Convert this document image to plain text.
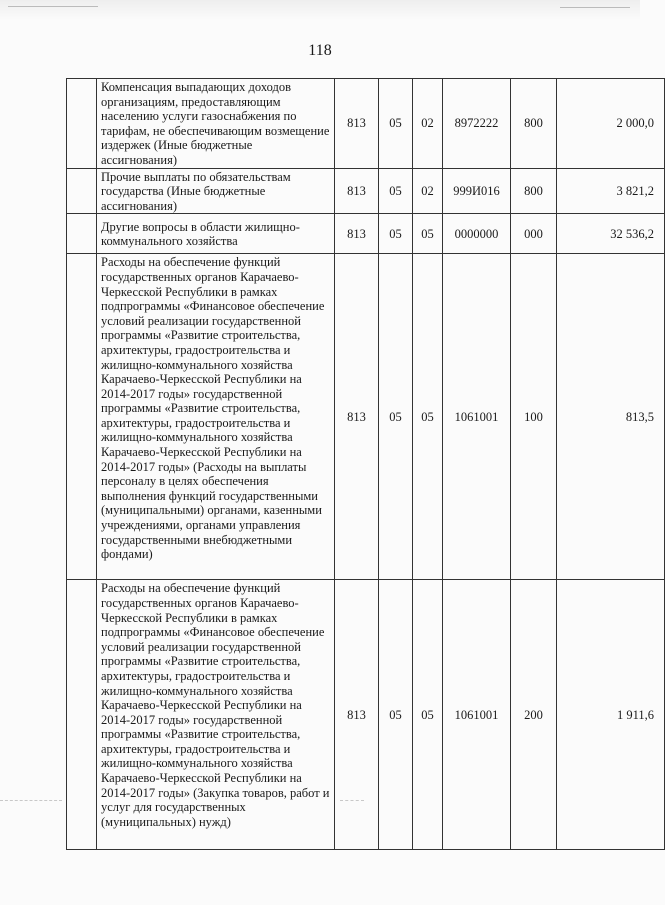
118
	Компенсация выпадающих доходов организациям, предоставляющим населению услуги газоснабжения по тарифам, не обеспечивающим возмещение издержек (Иные бюджетные ассигнования)	813	05	02	8972222	800	2 000,0
	Прочие выплаты по обязательствам государства (Иные бюджетные ассигнования)	813	05	02	999И016	800	3 821,2
	Другие вопросы в области жилищно-коммунального хозяйства	813	05	05	0000000	000	32 536,2
	Расходы на обеспечение функций государственных органов Карачаево-Черкесской Республики в рамках подпрограммы «Финансовое обеспечение условий реализации государственной программы «Развитие строительства, архитектуры, градостроительства и жилищно-коммунального хозяйства Карачаево-Черкесской Республики на 2014-2017 годы» государственной программы «Развитие строительства, архитектуры, градостроительства и жилищно-коммунального хозяйства Карачаево-Черкесской Республики на 2014-2017 годы» (Расходы на выплаты персоналу в целях обеспечения выполнения функций государственными (муниципальными) органами, казенными учреждениями, органами управления государственными внебюджетными фондами)	813	05	05	1061001	100	813,5
	Расходы на обеспечение функций государственных органов Карачаево-Черкесской Республики в рамках подпрограммы «Финансовое обеспечение условий реализации государственной программы «Развитие строительства, архитектуры, градостроительства и жилищно-коммунального хозяйства Карачаево-Черкесской Республики на 2014-2017 годы» государственной программы «Развитие строительства, архитектуры, градостроительства и жилищно-коммунального хозяйства Карачаево-Черкесской Республики на 2014-2017 годы» (Закупка товаров, работ и услуг для государственных (муниципальных) нужд)	813	05	05	1061001	200	1 911,6
